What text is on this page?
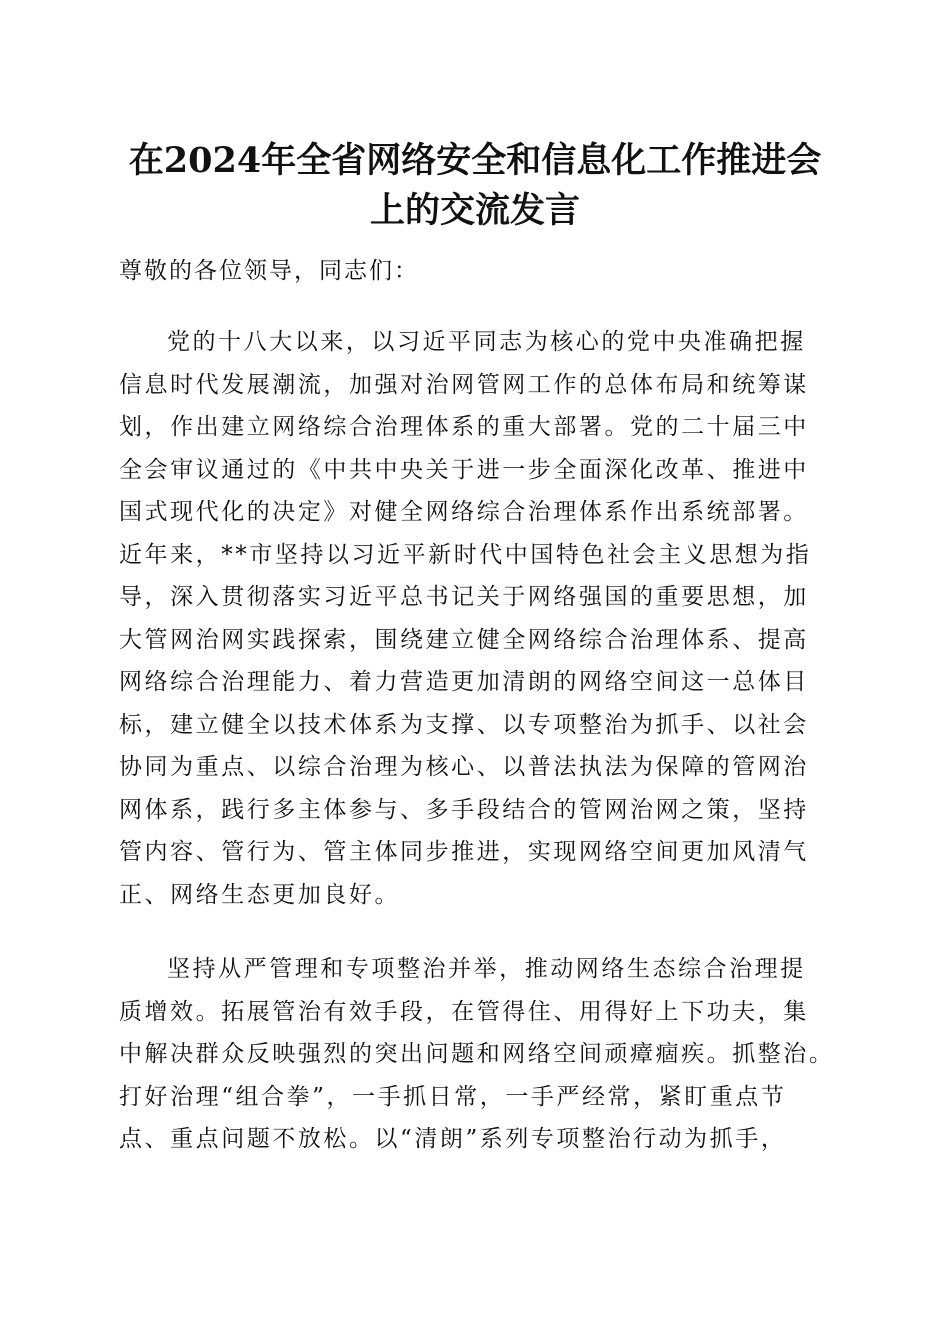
在2024年全省网络安全和信息化工作推进会
上的交流发言
尊敬的各位领导，同志们：
党的十八大以来，以习近平同志为核心的党中央准确把握
信息时代发展潮流，加强对治网管网工作的总体布局和统筹谋
划，作出建立网络综合治理体系的重大部署。党的二十届三中
全会审议通过的《中共中央关于进一步全面深化改革、推进中
国式现代化的决定》对健全网络综合治理体系作出系统部署。
近年来，**市坚持以习近平新时代中国特色社会主义思想为指
导，深入贯彻落实习近平总书记关于网络强国的重要思想，加
大管网治网实践探索，围绕建立健全网络综合治理体系、提高
网络综合治理能力、着力营造更加清朗的网络空间这一总体目
标，建立健全以技术体系为支撑、以专项整治为抓手、以社会
协同为重点、以综合治理为核心、以普法执法为保障的管网治
网体系，践行多主体参与、多手段结合的管网治网之策，坚持
管内容、管行为、管主体同步推进，实现网络空间更加风清气
正、网络生态更加良好。
坚持从严管理和专项整治并举，推动网络生态综合治理提
质增效。拓展管治有效手段，在管得住、用得好上下功夫，集
中解决群众反映强烈的突出问题和网络空间顽瘴痼疾。抓整治。
打好治理“组合拳”，一手抓日常，一手严经常，紧盯重点节
点、重点问题不放松。以“清朗”系列专项整治行动为抓手，
